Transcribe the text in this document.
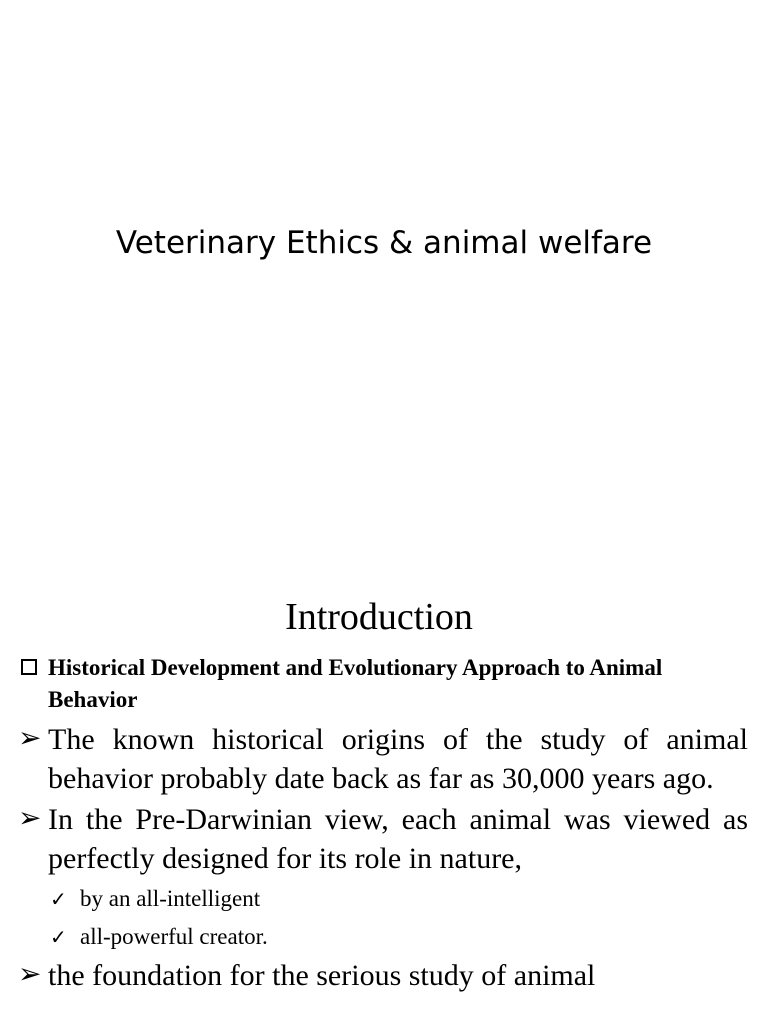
Veterinary Ethics & animal welfare
Introduction
Historical Development and Evolutionary Approach to Animal Behavior
➢ The known historical origins of the study of animal behavior probably date back as far as 30,000 years ago.
➢ In the Pre-Darwinian view, each animal was viewed as perfectly designed for its role in nature,
✓ by an all-intelligent
✓ all-powerful creator.
➢ the foundation for the serious study of animal
